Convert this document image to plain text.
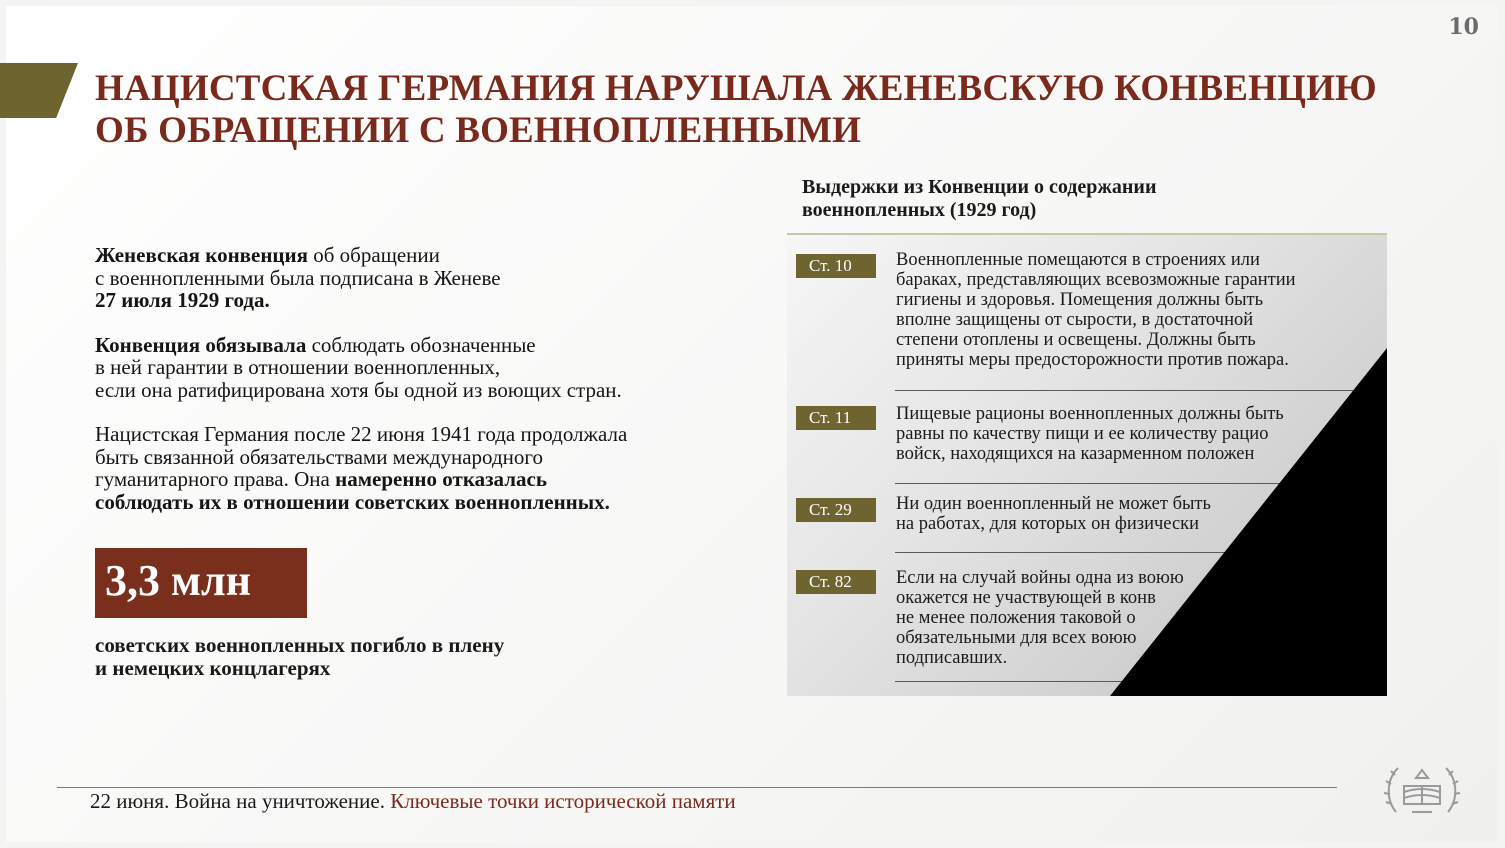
10
НАЦИСТСКАЯ ГЕРМАНИЯ НАРУШАЛА ЖЕНЕВСКУЮ КОНВЕНЦИЮ
ОБ ОБРАЩЕНИИ С ВОЕННОПЛЕННЫМИ

Женевская конвенция об обращении
с военнопленными была подписана в Женеве
27 июля 1929 года.

Конвенция обязывала соблюдать обозначенные
в ней гарантии в отношении военнопленных,
если она ратифицирована хотя бы одной из воющих стран.

Нацистская Германия после 22 июня 1941 года продолжала
быть связанной обязательствами международного
гуманитарного права. Она намеренно отказалась
соблюдать их в отношении советских военнопленных.

3,3 млн
советских военнопленных погибло в плену
и немецких концлагерях
Выдержки из Конвенции о содержании
военнопленных (1929 год)
Ст. 10	Военнопленные помещаются в строениях или
бараках, представляющих всевозможные гарантии
гигиены и здоровья. Помещения должны быть
вполне защищены от сырости, в достаточной
степени отоплены и освещены. Должны быть
приняты меры предосторожности против пожара.
Ст. 11	Пищевые рационы военнопленных должны быть
равны по качеству пищи и ее количеству рацио
войск, находящихся на казарменном положен
Ст. 29	Ни один военнопленный не может быть
на работах, для которых он физически
Ст. 82	Если на случай войны одна из воюю
окажется не участвующей в конв
не менее положения таковой о
обязательными для всех воюю
подписавших.
22 июня. Война на уничтожение. Ключевые точки исторической памяти
